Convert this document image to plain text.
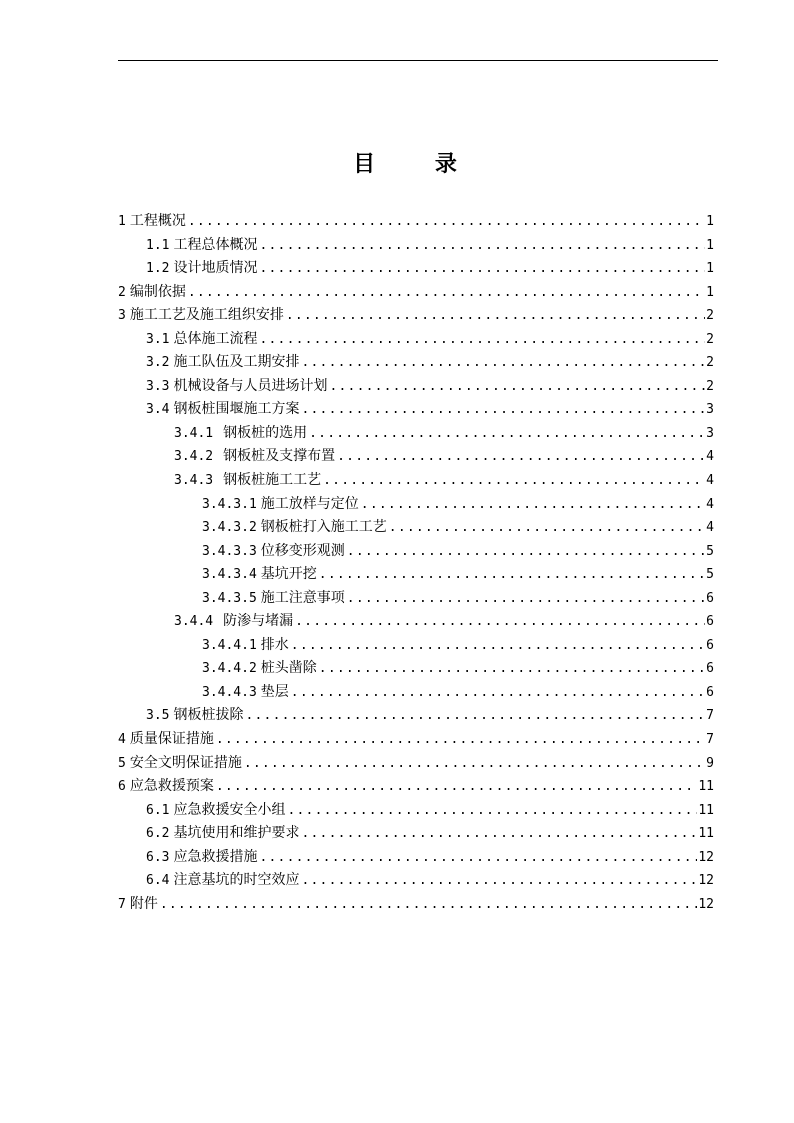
目 录
1 工程概况 .....	1
1.1 工程总体概况 .....	1
1.2 设计地质情况 .....	1
2 编制依据 .....	1
3 施工工艺及施工组织安排 .....	2
3.1 总体施工流程 .....	2
3.2 施工队伍及工期安排 .....	2
3.3 机械设备与人员进场计划 .....	2
3.4 钢板桩围堰施工方案 .....	3
3.4.1 钢板桩的选用 .....	3
3.4.2 钢板桩及支撑布置 .....	4
3.4.3 钢板桩施工工艺 .....	4
3.4.3.1 施工放样与定位 .....	4
3.4.3.2 钢板桩打入施工工艺 .....	4
3.4.3.3 位移变形观测 .....	5
3.4.3.4 基坑开挖 .....	5
3.4.3.5 施工注意事项 .....	6
3.4.4 防渗与堵漏 .....	6
3.4.4.1 排水 .....	6
3.4.4.2 桩头凿除 .....	6
3.4.4.3 垫层 .....	6
3.5 钢板桩拔除 .....	7
4 质量保证措施 .....	7
5 安全文明保证措施 .....	9
6 应急救援预案 .....	11
6.1 应急救援安全小组 .....	11
6.2 基坑使用和维护要求 .....	11
6.3 应急救援措施 .....	12
6.4 注意基坑的时空效应 .....	12
7 附件 .....	12
